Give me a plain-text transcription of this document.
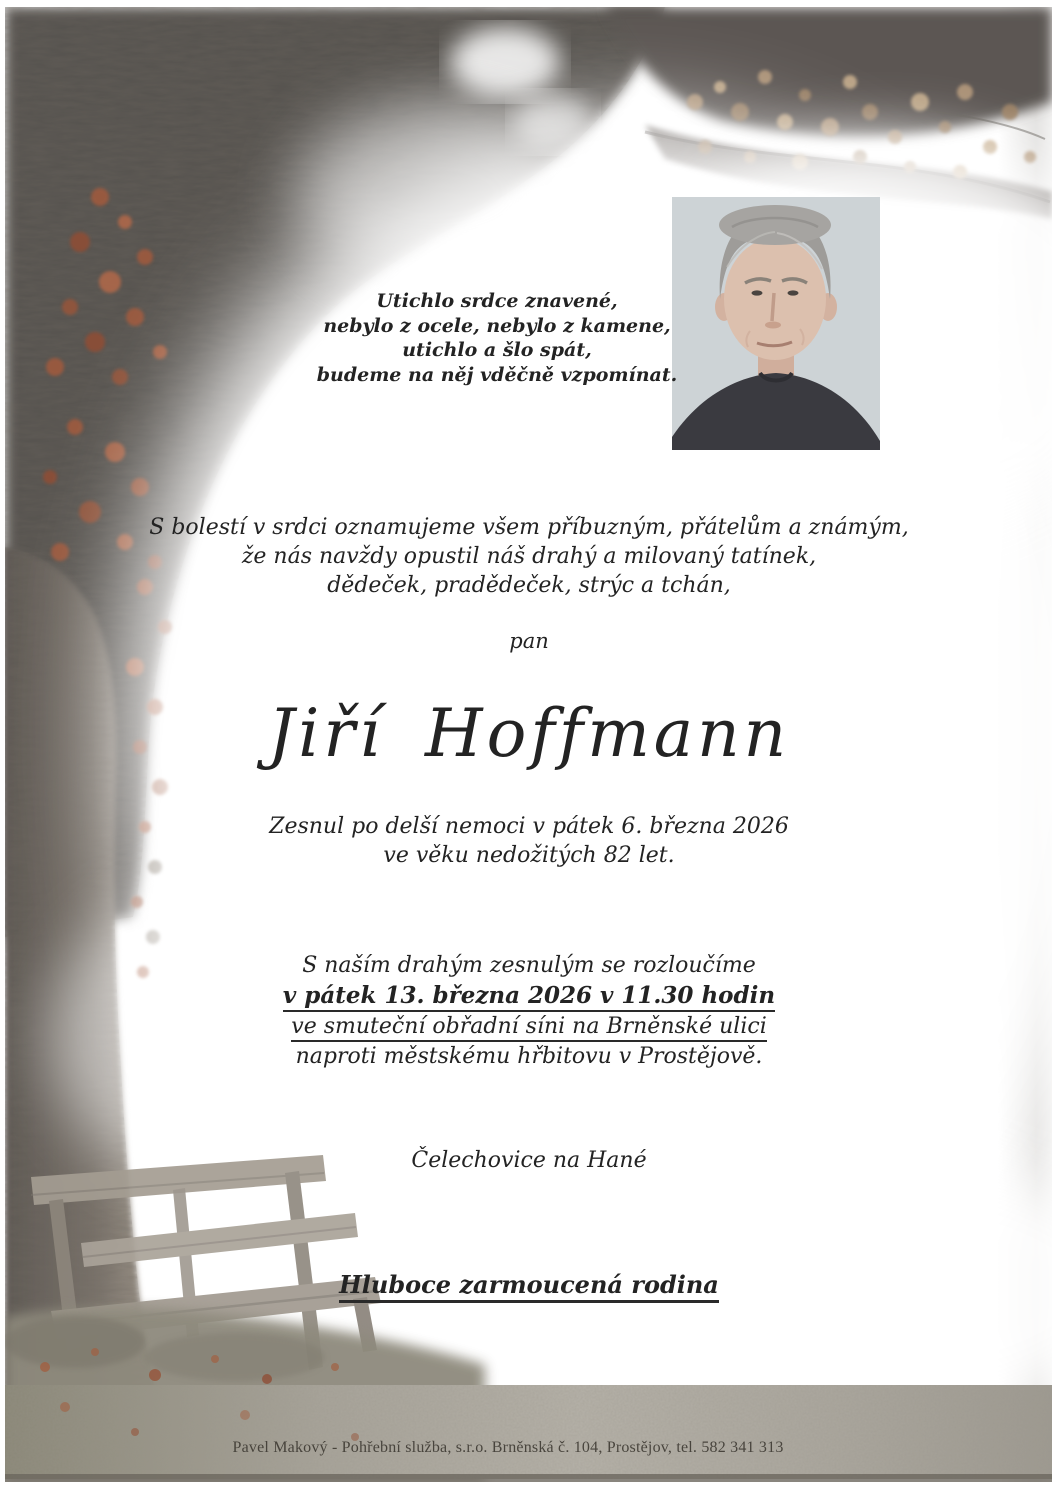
Utichlo srdce znavené,
nebylo z ocele, nebylo z kamene,
utichlo a šlo spát,
budeme na něj vděčně vzpomínat.
S bolestí v srdci oznamujeme všem příbuzným, přátelům a známým,
že nás navždy opustil náš drahý a milovaný tatínek,
dědeček, pradědeček, strýc a tchán,
pan
Jiří Hoffmann
Zesnul po delší nemoci v pátek 6. března 2026
ve věku nedožitých 82 let.
S naším drahým zesnulým se rozloučíme
v pátek 13. března 2026 v 11.30 hodin
ve smuteční obřadní síni na Brněnské ulici
naproti městskému hřbitovu v Prostějově.
Čelechovice na Hané
Hluboce zarmoucená rodina
Pavel Makový - Pohřební služba, s.r.o. Brněnská č. 104, Prostějov, tel. 582 341 313
